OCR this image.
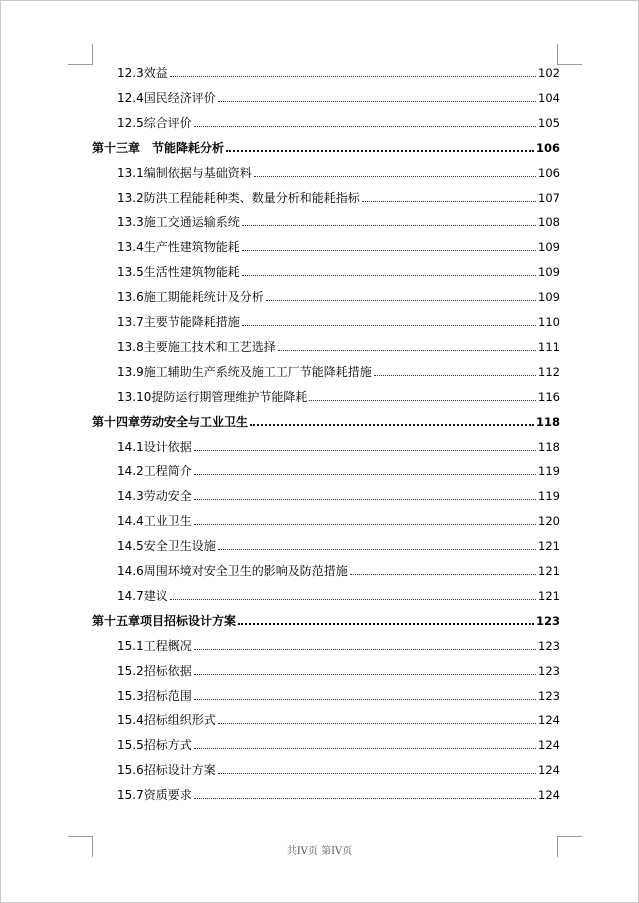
12.3效益	102
12.4国民经济评价	104
12.5综合评价	105
第十三章　节能降耗分析	106
13.1编制依据与基础资料	106
13.2防洪工程能耗种类、数量分析和能耗指标	107
13.3施工交通运输系统	108
13.4生产性建筑物能耗	109
13.5生活性建筑物能耗	109
13.6施工期能耗统计及分析	109
13.7主要节能降耗措施	110
13.8主要施工技术和工艺选择	111
13.9施工辅助生产系统及施工工厂节能降耗措施	112
13.10提防运行期管理维护节能降耗	116
第十四章劳动安全与工业卫生	118
14.1设计依据	118
14.2工程简介	119
14.3劳动安全	119
14.4工业卫生	120
14.5安全卫生设施	121
14.6周围环境对安全卫生的影响及防范措施	121
14.7建议	121
第十五章项目招标设计方案	123
15.1工程概况	123
15.2招标依据	123
15.3招标范围	123
15.4招标组织形式	124
15.5招标方式	124
15.6招标设计方案	124
15.7资质要求	124
共IV页 第IV页
